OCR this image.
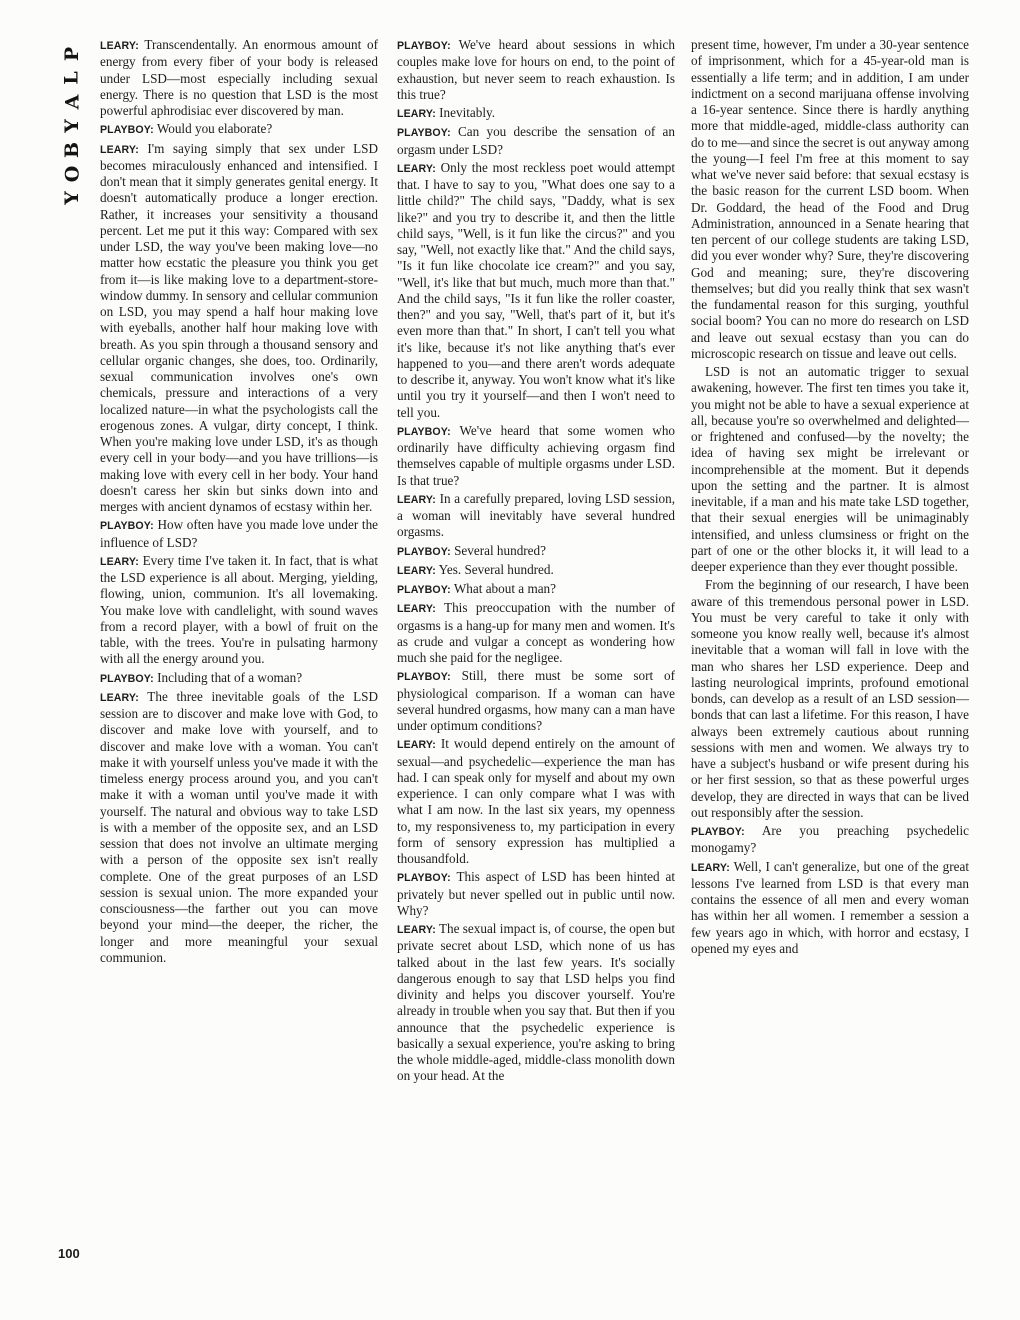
P
L
A
Y
B
O
Y
100

LEARY: Transcendentally. An enormous amount of energy from every fiber of your body is released under LSD—most especially including sexual energy. There is no question that LSD is the most powerful aphrodisiac ever discovered by man.

PLAYBOY: Would you elaborate?

LEARY: I'm saying simply that sex under LSD becomes miraculously enhanced and intensified. I don't mean that it simply generates genital energy. It doesn't automatically produce a longer erection. Rather, it increases your sensitivity a thousand percent. Let me put it this way: Compared with sex under LSD, the way you've been making love—no matter how ecstatic the pleasure you think you get from it—is like making love to a department-store-window dummy. In sensory and cellular communion on LSD, you may spend a half hour making love with eyeballs, another half hour making love with breath. As you spin through a thousand sensory and cellular organic changes, she does, too. Ordinarily, sexual communication involves one's own chemicals, pressure and interactions of a very localized nature—in what the psychologists call the erogenous zones. A vulgar, dirty concept, I think. When you're making love under LSD, it's as though every cell in your body—and you have trillions—is making love with every cell in her body. Your hand doesn't caress her skin but sinks down into and merges with ancient dynamos of ecstasy within her.

PLAYBOY: How often have you made love under the influence of LSD?

LEARY: Every time I've taken it. In fact, that is what the LSD experience is all about. Merging, yielding, flowing, union, communion. It's all lovemaking. You make love with candlelight, with sound waves from a record player, with a bowl of fruit on the table, with the trees. You're in pulsating harmony with all the energy around you.

PLAYBOY: Including that of a woman?

LEARY: The three inevitable goals of the LSD session are to discover and make love with God, to discover and make love with yourself, and to discover and make love with a woman. You can't make it with yourself unless you've made it with the timeless energy process around you, and you can't make it with a woman until you've made it with yourself. The natural and obvious way to take LSD is with a member of the opposite sex, and an LSD session that does not involve an ultimate merging with a person of the opposite sex isn't really complete. One of the great purposes of an LSD session is sexual union. The more expanded your consciousness—the farther out you can move beyond your mind—the deeper, the richer, the longer and more meaningful your sexual communion.

PLAYBOY: We've heard about sessions in which couples make love for hours on end, to the point of exhaustion, but never seem to reach exhaustion. Is this true?

LEARY: Inevitably.

PLAYBOY: Can you describe the sensation of an orgasm under LSD?

LEARY: Only the most reckless poet would attempt that. I have to say to you, "What does one say to a little child?" The child says, "Daddy, what is sex like?" and you try to describe it, and then the little child says, "Well, is it fun like the circus?" and you say, "Well, not exactly like that." And the child says, "Is it fun like chocolate ice cream?" and you say, "Well, it's like that but much, much more than that." And the child says, "Is it fun like the roller coaster, then?" and you say, "Well, that's part of it, but it's even more than that." In short, I can't tell you what it's like, because it's not like anything that's ever happened to you—and there aren't words adequate to describe it, anyway. You won't know what it's like until you try it yourself—and then I won't need to tell you.

PLAYBOY: We've heard that some women who ordinarily have difficulty achieving orgasm find themselves capable of multiple orgasms under LSD. Is that true?

LEARY: In a carefully prepared, loving LSD session, a woman will inevitably have several hundred orgasms.

PLAYBOY: Several hundred?

LEARY: Yes. Several hundred.

PLAYBOY: What about a man?

LEARY: This preoccupation with the number of orgasms is a hang-up for many men and women. It's as crude and vulgar a concept as wondering how much she paid for the negligee.

PLAYBOY: Still, there must be some sort of physiological comparison. If a woman can have several hundred orgasms, how many can a man have under optimum conditions?

LEARY: It would depend entirely on the amount of sexual—and psychedelic—experience the man has had. I can speak only for myself and about my own experience. I can only compare what I was with what I am now. In the last six years, my openness to, my responsiveness to, my participation in every form of sensory expression has multiplied a thousandfold.

PLAYBOY: This aspect of LSD has been hinted at privately but never spelled out in public until now. Why?

LEARY: The sexual impact is, of course, the open but private secret about LSD, which none of us has talked about in the last few years. It's socially dangerous enough to say that LSD helps you find divinity and helps you discover yourself. You're already in trouble when you say that. But then if you announce that the psychedelic experience is basically a sexual experience, you're asking to bring the whole middle-aged, middle-class monolith down on your head. At the

present time, however, I'm under a 30-year sentence of imprisonment, which for a 45-year-old man is essentially a life term; and in addition, I am under indictment on a second marijuana offense involving a 16-year sentence. Since there is hardly anything more that middle-aged, middle-class authority can do to me—and since the secret is out anyway among the young—I feel I'm free at this moment to say what we've never said before: that sexual ecstasy is the basic reason for the current LSD boom. When Dr. Goddard, the head of the Food and Drug Administration, announced in a Senate hearing that ten percent of our college students are taking LSD, did you ever wonder why? Sure, they're discovering God and meaning; sure, they're discovering themselves; but did you really think that sex wasn't the fundamental reason for this surging, youthful social boom? You can no more do research on LSD and leave out sexual ecstasy than you can do microscopic research on tissue and leave out cells.

LSD is not an automatic trigger to sexual awakening, however. The first ten times you take it, you might not be able to have a sexual experience at all, because you're so overwhelmed and delighted—or frightened and confused—by the novelty; the idea of having sex might be irrelevant or incomprehensible at the moment. But it depends upon the setting and the partner. It is almost inevitable, if a man and his mate take LSD together, that their sexual energies will be unimaginably intensified, and unless clumsiness or fright on the part of one or the other blocks it, it will lead to a deeper experience than they ever thought possible.

From the beginning of our research, I have been aware of this tremendous personal power in LSD. You must be very careful to take it only with someone you know really well, because it's almost inevitable that a woman will fall in love with the man who shares her LSD experience. Deep and lasting neurological imprints, profound emotional bonds, can develop as a result of an LSD session—bonds that can last a lifetime. For this reason, I have always been extremely cautious about running sessions with men and women. We always try to have a subject's husband or wife present during his or her first session, so that as these powerful urges develop, they are directed in ways that can be lived out responsibly after the session.

PLAYBOY: Are you preaching psychedelic monogamy?

LEARY: Well, I can't generalize, but one of the great lessons I've learned from LSD is that every man contains the essence of all men and every woman has within her all women. I remember a session a few years ago in which, with horror and ecstasy, I opened my eyes and
